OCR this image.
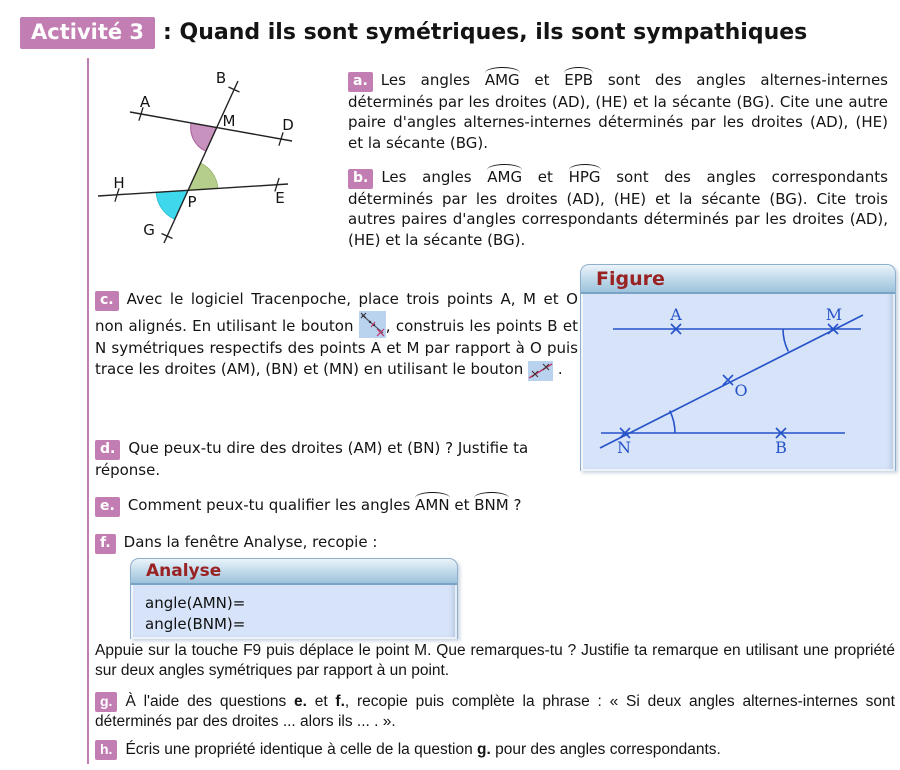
Activité 3 : Quand ils sont symétriques, ils sont sympathiques
A
B
D
H
E
G
M
P
a. Les angles AMG et EPB sont des angles alternes-internes déterminés par les droites (AD), (HE) et la sécante (BG). Cite une autre paire d'angles alternes-internes déterminés par les droites (AD), (HE) et la sécante (BG).
b. Les angles AMG et HPG sont des angles correspondants déterminés par les droites (AD), (HE) et la sécante (BG). Cite trois autres paires d'angles correspondants déterminés par les droites (AD), (HE) et la sécante (BG).
c. Avec le logiciel Tracenpoche, place trois points A, M et O non alignés. En utilisant le bouton , construis les points B et N symétriques respectifs des points A et M par rapport à O puis trace les droites (AM), (BN) et (MN) en utilisant le bouton  .
d. Que peux-tu dire des droites (AM) et (BN) ? Justifie ta réponse.
e. Comment peux-tu qualifier les angles AMN et BNM ?
f. Dans la fenêtre Analyse, recopie :
Figure
A	M
O
N	B
Analyse
angle(AMN)=
angle(BNM)=
Appuie sur la touche F9 puis déplace le point M. Que remarques-tu ? Justifie ta remarque en utilisant une propriété sur deux angles symétriques par rapport à un point.
g. À l'aide des questions e. et f., recopie puis complète la phrase : « Si deux angles alternes-internes sont déterminés par des droites ... alors ils ... . ».
h. Écris une propriété identique à celle de la question g. pour des angles correspondants.
